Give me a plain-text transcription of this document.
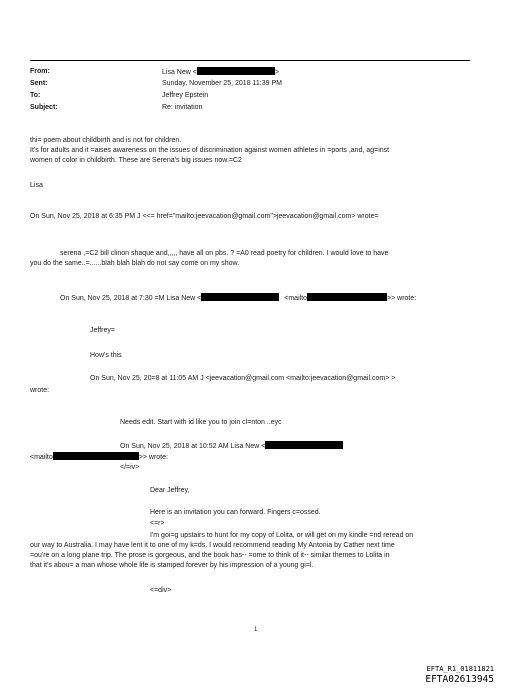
From:	Lisa New <	>
Sent:	Sunday, November 25, 2018 11:39 PM
To:	Jeffrey Epstein
Subject:	Re: invitation
thi= poem about childbirth and is not for children.
It's for adults and it =aises awareness on the issues of discrimination against women athletes in =ports ,and, ag=inst
women of color in childbirth. These are Serena's big issues now.=C2
Lisa
On Sun, Nov 25, 2018 at 6:35 PM J <<= href="mailto:jeevacation@gmail.com">jeevacation@gmail.com> wrote=
serena ,=C2 bill clinon shaque and,,,,, have all on pbs. ? =A0 read poetry for children. I would love to have
you do the same..=......blah blah blah do not say come on my show.
On Sun, Nov 25, 2018 at 7:30 =M Lisa New <	<mailto	>> wrote:
Jeffrey=
How's this
On Sun, Nov 25, 20=8 at 11:05 AM J <jeevacation@gmail.com <mailto:jeevacation@gmail.com> >
wrote:
Needs edit. Start with id like you to join cl=nton ..eyc
On Sun, Nov 25, 2018 at 10:52 AM Lisa New <
<mailto	>> wrote:
</=iv>
Dear Jeffrey,
Here is an invitation you can forward. Fingers c=ossed.
<=r>
I'm goi=g upstairs to hunt for my copy of Lolita, or will get on my kindle =nd reread on
our way to Australia. I may have lent it to one of my k=ds. I would recommend reading My Antonia by Cather next time
=ou're on a long plane trip. The prose is gorgeous, and the book has-- =ome to think of it-- similar themes to Lolita in
that it's abou= a man whose whole life is stamped forever by his impression of a young gi=l.
<=div>
1
EFTA_R1_01811821
EFTA02613945
